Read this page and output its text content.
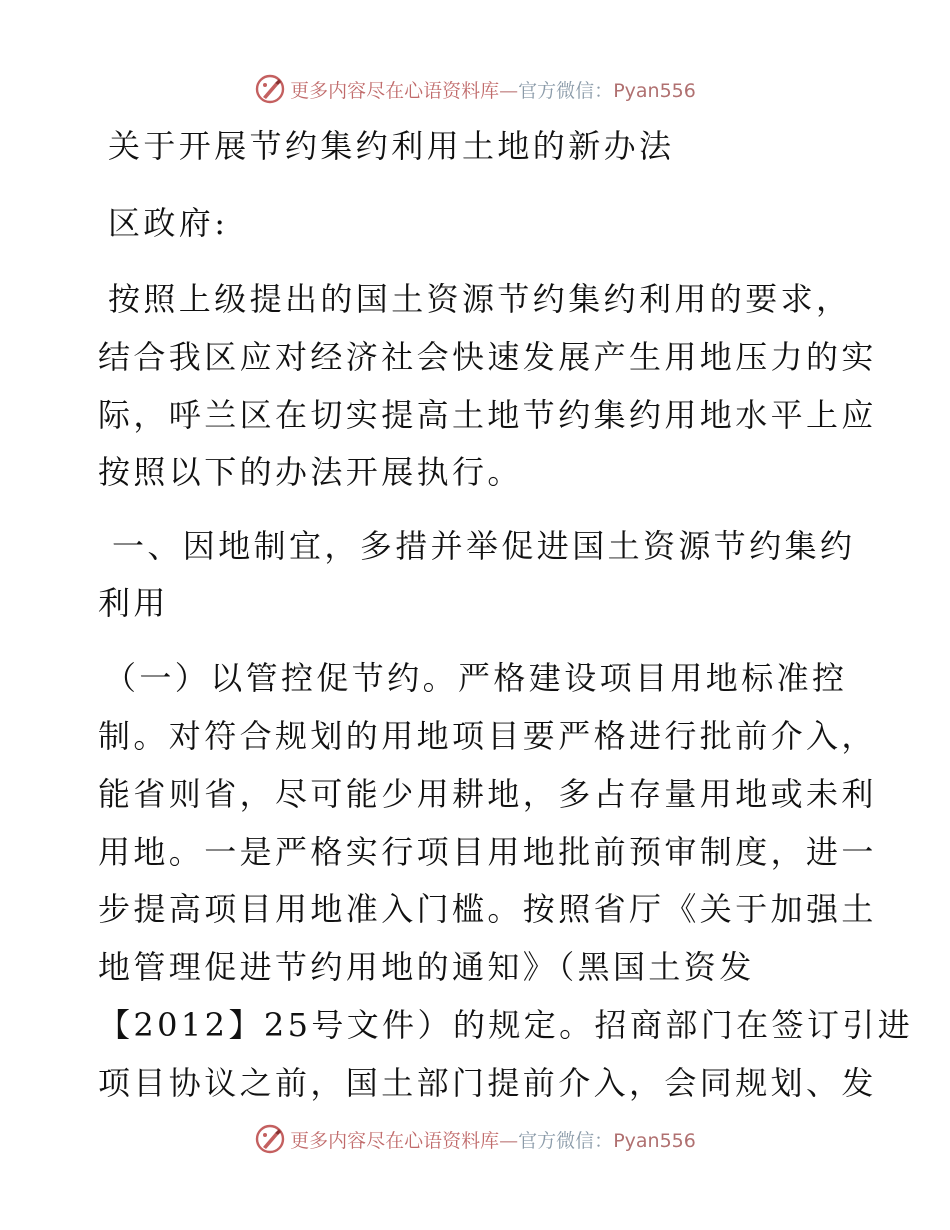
更多内容尽在心语资料库—官方微信：Pyan556
关于开展节约集约利用土地的新办法
区政府:
按照上级提出的国土资源节约集约利用的要求，
结合我区应对经济社会快速发展产生用地压力的实
际，呼兰区在切实提高土地节约集约用地水平上应
按照以下的办法开展执行。
一、因地制宜，多措并举促进国土资源节约集约
利用
（一）以管控促节约。严格建设项目用地标准控
制。对符合规划的用地项目要严格进行批前介入，
能省则省，尽可能少用耕地，多占存量用地或未利
用地。一是严格实行项目用地批前预审制度，进一
步提高项目用地准入门槛。按照省厅《关于加强土
地管理促进节约用地的通知》（黑国土资发
【2012】25号文件）的规定。招商部门在签订引进
项目协议之前，国土部门提前介入，会同规划、发
更多内容尽在心语资料库—官方微信：Pyan556
